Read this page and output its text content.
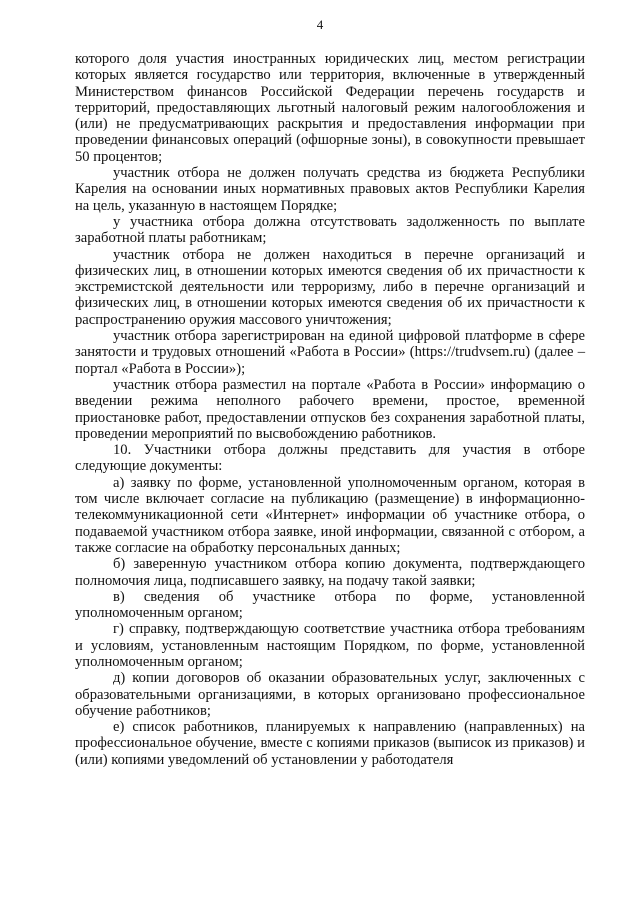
4

которого доля участия иностранных юридических лиц, местом регистрации которых является государство или территория, включенные в утвержденный Министерством финансов Российской Федерации перечень государств и территорий, предоставляющих льготный налоговый режим налогообложения и (или) не предусматривающих раскрытия и предоставления информации при проведении финансовых операций (офшорные зоны), в совокупности превышает 50 процентов;

участник отбора не должен получать средства из бюджета Республики Карелия на основании иных нормативных правовых актов Республики Карелия на цель, указанную в настоящем Порядке;

у участника отбора должна отсутствовать задолженность по выплате заработной платы работникам;

участник отбора не должен находиться в перечне организаций и физических лиц, в отношении которых имеются сведения об их причастности к экстремистской деятельности или терроризму, либо в перечне организаций и физических лиц, в отношении которых имеются сведения об их причастности к распространению оружия массового уничтожения;

участник отбора зарегистрирован на единой цифровой платформе в сфере занятости и трудовых отношений «Работа в России» (https://trudvsem.ru) (далее – портал «Работа в России»);

участник отбора разместил на портале «Работа в России» информацию о введении режима неполного рабочего времени, простое, временной приостановке работ, предоставлении отпусков без сохранения заработной платы, проведении мероприятий по высвобождению работников.

10. Участники отбора должны представить для участия в отборе следующие документы:

а) заявку по форме, установленной уполномоченным органом, которая в том числе включает согласие на публикацию (размещение) в информационно-телекоммуникационной сети «Интернет» информации об участнике отбора, о подаваемой участником отбора заявке, иной информации, связанной с отбором, а также согласие на обработку персональных данных;

б) заверенную участником отбора копию документа, подтверждающего полномочия лица, подписавшего заявку, на подачу такой заявки;

в) сведения об участнике отбора по форме, установленной уполномоченным органом;

г) справку, подтверждающую соответствие участника отбора требованиям и условиям, установленным настоящим Порядком, по форме, установленной уполномоченным органом;

д) копии договоров об оказании образовательных услуг, заключенных с образовательными организациями, в которых организовано профессиональное обучение работников;

е) список работников, планируемых к направлению (направленных) на профессиональное обучение, вместе с копиями приказов (выписок из приказов) и (или) копиями уведомлений об установлении у работодателя
